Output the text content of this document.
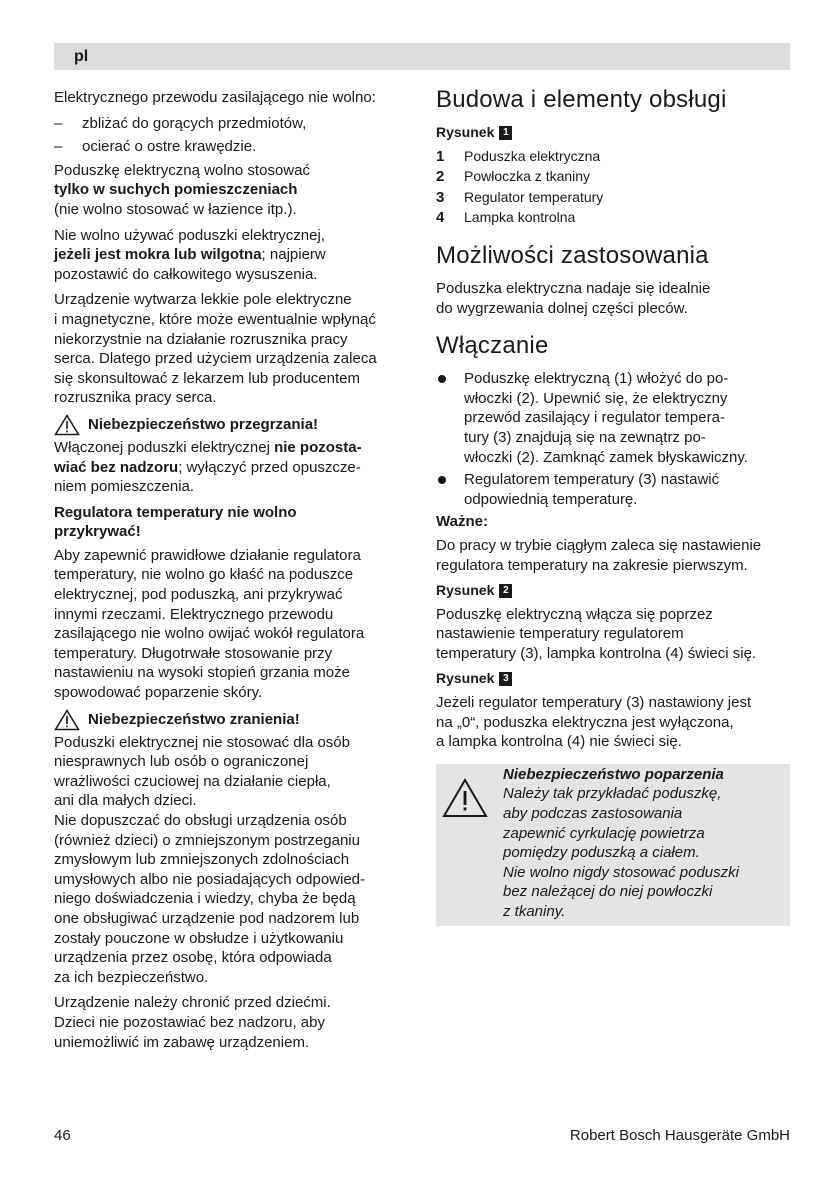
pl

Elektrycznego przewodu zasilającego nie wolno:

– zbliżać do gorących przedmiotów,
– ocierać o ostre krawędzie.

Poduszkę elektryczną wolno stosować
tylko w suchych pomieszczeniach
(nie wolno stosować w łazience itp.).

Nie wolno używać poduszki elektrycznej,
jeżeli jest mokra lub wilgotna; najpierw
pozostawić do całkowitego wysuszenia.

Urządzenie wytwarza lekkie pole elektryczne
i magnetyczne, które może ewentualnie wpłynąć
niekorzystnie na działanie rozrusznika pracy
serca. Dlatego przed użyciem urządzenia zaleca
się skonsultować z lekarzem lub producentem
rozrusznika pracy serca.

Niebezpieczeństwo przegrzania!

Włączonej poduszki elektrycznej nie pozosta-
wiać bez nadzoru; wyłączyć przed opuszcze-
niem pomieszczenia.

Regulatora temperatury nie wolno
przykrywać!

Aby zapewnić prawidłowe działanie regulatora
temperatury, nie wolno go kłaść na poduszce
elektrycznej, pod poduszką, ani przykrywać
innymi rzeczami. Elektrycznego przewodu
zasilającego nie wolno owijać wokół regulatora
temperatury. Długotrwałe stosowanie przy
nastawieniu na wysoki stopień grzania może
spowodować poparzenie skóry.

Niebezpieczeństwo zranienia!

Poduszki elektrycznej nie stosować dla osób
niesprawnych lub osób o ograniczonej
wrażliwości czuciowej na działanie ciepła,
ani dla małych dzieci.
Nie dopuszczać do obsługi urządzenia osób
(również dzieci) o zmniejszonym postrzeganiu
zmysłowym lub zmniejszonych zdolnościach
umysłowych albo nie posiadających odpowied-
niego doświadczenia i wiedzy, chyba że będą
one obsługiwać urządzenie pod nadzorem lub
zostały pouczone w obsłudze i użytkowaniu
urządzenia przez osobę, która odpowiada
za ich bezpieczeństwo.

Urządzenie należy chronić przed dziećmi.
Dzieci nie pozostawiać bez nadzoru, aby
uniemożliwić im zabawę urządzeniem.

Budowa i elementy obsługi
Rysunek 1
1	Poduszka elektryczna
2	Powłoczka z tkaniny
3	Regulator temperatury
4	Lampka kontrolna
Możliwości zastosowania

Poduszka elektryczna nadaje się idealnie
do wygrzewania dolnej części pleców.

Włączanie
Poduszkę elektryczną (1) włożyć do po-
włoczki (2). Upewnić się, że elektryczny
przewód zasilający i regulator tempera-
tury (3) znajdują się na zewnątrz po-
włoczki (2). Zamknąć zamek błyskawiczny.
Regulatorem temperatury (3) nastawić
odpowiednią temperaturę.
Ważne:

Do pracy w trybie ciągłym zaleca się nastawienie
regulatora temperatury na zakresie pierwszym.

Rysunek 2

Poduszkę elektryczną włącza się poprzez
nastawienie temperatury regulatorem
temperatury (3), lampka kontrolna (4) świeci się.

Rysunek 3

Jeżeli regulator temperatury (3) nastawiony jest
na „0“, poduszka elektryczna jest wyłączona,
a lampka kontrolna (4) nie świeci się.

Niebezpieczeństwo poparzenia
Należy tak przykładać poduszkę,
aby podczas zastosowania
zapewnić cyrkulację powietrza
pomiędzy poduszką a ciałem.
Nie wolno nigdy stosować poduszki
bez należącej do niej powłoczki
z tkaniny.
46	Robert Bosch Hausgeräte GmbH
